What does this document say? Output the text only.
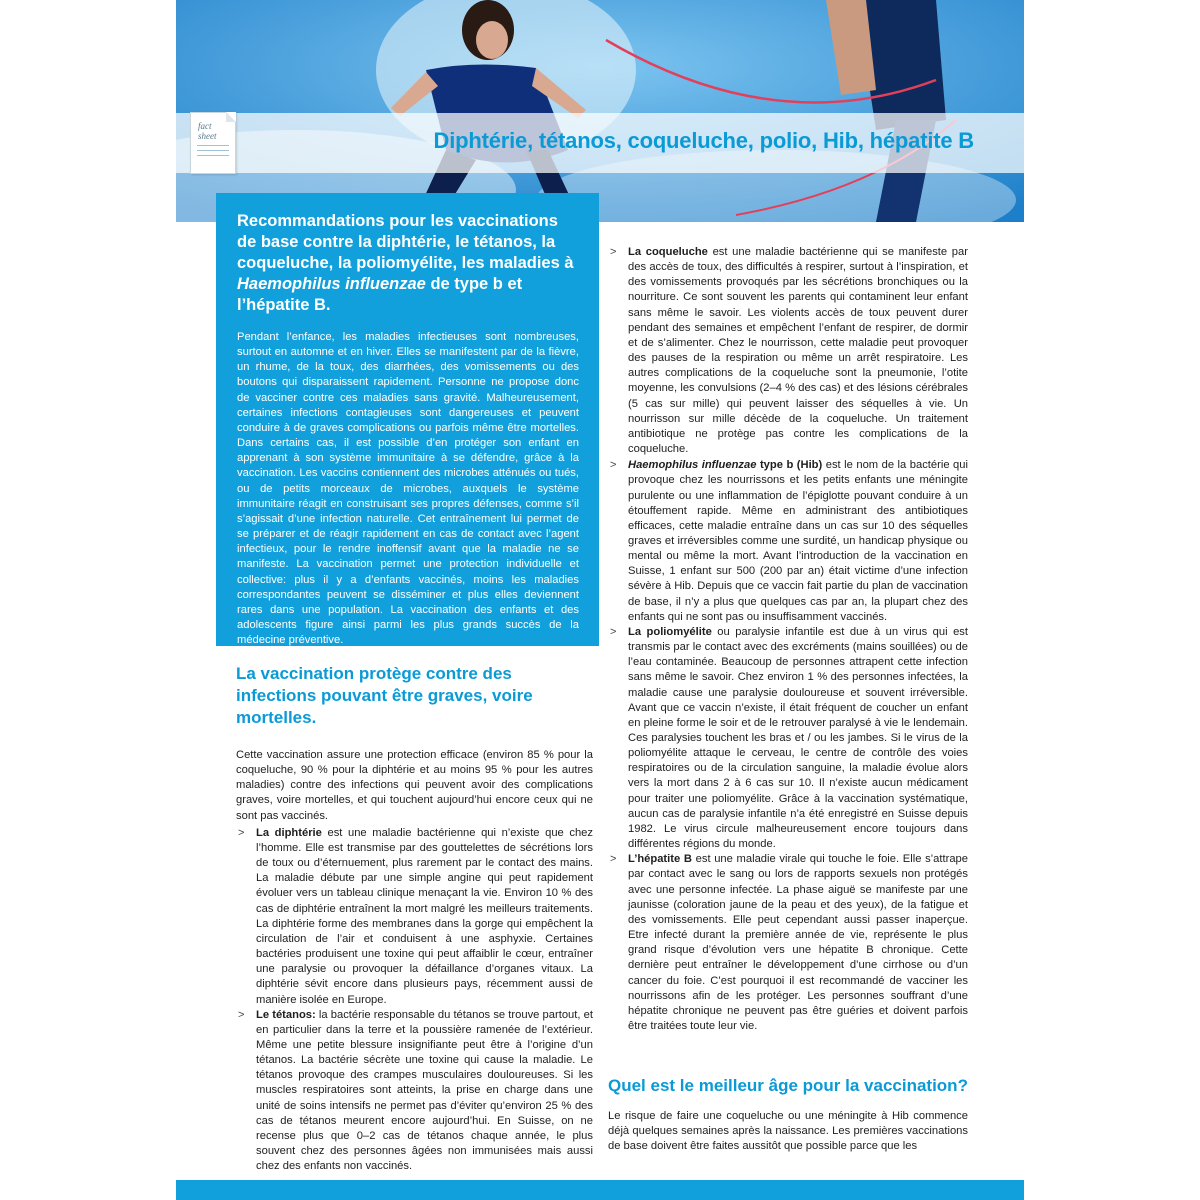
fact
sheet	Diphtérie, tétanos, coqueluche, polio, Hib, hépatite B
Recommandations pour les vaccinations de base contre la diphtérie, le tétanos, la coqueluche, la poliomyélite, les maladies à Haemophilus influenzae de type b et l’hépatite B.

Pendant l’enfance, les maladies infectieuses sont nombreuses, surtout en automne et en hiver. Elles se manifestent par de la fièvre, un rhume, de la toux, des diarrhées, des vomissements ou des boutons qui disparaissent rapidement. Personne ne propose donc de vacciner contre ces maladies sans gravité. Malheureusement, certaines infections contagieuses sont dangereuses et peuvent conduire à de graves complications ou parfois même être mortelles. Dans certains cas, il est possible d’en protéger son enfant en apprenant à son système immunitaire à se défendre, grâce à la vaccination. Les vaccins contiennent des microbes atténués ou tués, ou de petits morceaux de microbes, auxquels le système immunitaire réagit en construisant ses propres défenses, comme s’il s’agissait d’une infection naturelle. Cet entraînement lui permet de se préparer et de réagir rapidement en cas de contact avec l’agent infectieux, pour le rendre inoffensif avant que la maladie ne se manifeste. La vaccination permet une protection individuelle et collective: plus il y a d’enfants vaccinés, moins les maladies correspondantes peuvent se disséminer et plus elles deviennent rares dans une population. La vaccination des enfants et des adolescents figure ainsi parmi les plus grands succès de la médecine préventive.

La vaccination protège contre des infections pouvant être graves, voire mortelles.

Cette vaccination assure une protection efficace (environ 85 % pour la coqueluche, 90 % pour la diphtérie et au moins 95 % pour les autres maladies) contre des infections qui peuvent avoir des complications graves, voire mortelles, et qui touchent aujourd’hui encore ceux qui ne sont pas vaccinés.

> La diphtérie est une maladie bactérienne qui n’existe que chez l’homme. Elle est transmise par des gouttelettes de sécrétions lors de toux ou d’éternuement, plus rarement par le contact des mains. La maladie débute par une simple angine qui peut rapidement évoluer vers un tableau clinique menaçant la vie. Environ 10 % des cas de diphtérie entraînent la mort malgré les meilleurs traitements. La diphtérie forme des membranes dans la gorge qui empêchent la circulation de l’air et conduisent à une asphyxie. Certaines bactéries produisent une toxine qui peut affaiblir le cœur, entraîner une paralysie ou provoquer la défaillance d’organes vitaux. La diphtérie sévit encore dans plusieurs pays, récemment aussi de manière isolée en Europe.
> Le tétanos: la bactérie responsable du tétanos se trouve partout, et en particulier dans la terre et la poussière ramenée de l’extérieur. Même une petite blessure insignifiante peut être à l’origine d’un tétanos. La bactérie sécrète une toxine qui cause la maladie. Le tétanos provoque des crampes musculaires douloureuses. Si les muscles respiratoires sont atteints, la prise en charge dans une unité de soins intensifs ne permet pas d’éviter qu’environ 25 % des cas de tétanos meurent encore aujourd’hui. En Suisse, on ne recense plus que 0–2 cas de tétanos chaque année, le plus souvent chez des personnes âgées non immunisées mais aussi chez des enfants non vaccinés.
> La coqueluche est une maladie bactérienne qui se manifeste par des accès de toux, des difficultés à respirer, surtout à l’inspiration, et des vomissements provoqués par les sécrétions bronchiques ou la nourriture. Ce sont souvent les parents qui contaminent leur enfant sans même le savoir. Les violents accès de toux peuvent durer pendant des semaines et empêchent l’enfant de respirer, de dormir et de s’alimenter. Chez le nourrisson, cette maladie peut provoquer des pauses de la respiration ou même un arrêt respiratoire. Les autres complications de la coqueluche sont la pneumonie, l’otite moyenne, les convulsions (2–4 % des cas) et des lésions cérébrales (5 cas sur mille) qui peuvent laisser des séquelles à vie. Un nourrisson sur mille décède de la coqueluche. Un traitement antibiotique ne protège pas contre les complications de la coqueluche.
> Haemophilus influenzae type b (Hib) est le nom de la bactérie qui provoque chez les nourrissons et les petits enfants une méningite purulente ou une inflammation de l’épiglotte pouvant conduire à un étouffement rapide. Même en administrant des antibiotiques efficaces, cette maladie entraîne dans un cas sur 10 des séquelles graves et irréversibles comme une surdité, un handicap physique ou mental ou même la mort. Avant l’introduction de la vaccination en Suisse, 1 enfant sur 500 (200 par an) était victime d’une infection sévère à Hib. Depuis que ce vaccin fait partie du plan de vaccination de base, il n’y a plus que quelques cas par an, la plupart chez des enfants qui ne sont pas ou insuffisamment vaccinés.
> La poliomyélite ou paralysie infantile est due à un virus qui est transmis par le contact avec des excréments (mains souillées) ou de l’eau contaminée. Beaucoup de personnes attrapent cette infection sans même le savoir. Chez environ 1 % des personnes infectées, la maladie cause une paralysie douloureuse et souvent irréversible. Avant que ce vaccin n’existe, il était fréquent de coucher un enfant en pleine forme le soir et de le retrouver paralysé à vie le lendemain. Ces paralysies touchent les bras et / ou les jambes. Si le virus de la poliomyélite attaque le cerveau, le centre de contrôle des voies respiratoires ou de la circulation sanguine, la maladie évolue alors vers la mort dans 2 à 6 cas sur 10. Il n’existe aucun médicament pour traiter une poliomyélite. Grâce à la vaccination systématique, aucun cas de paralysie infantile n’a été enregistré en Suisse depuis 1982. Le virus circule malheureusement encore toujours dans différentes régions du monde.
> L’hépatite B est une maladie virale qui touche le foie. Elle s’attrape par contact avec le sang ou lors de rapports sexuels non protégés avec une personne infectée. La phase aiguë se manifeste par une jaunisse (coloration jaune de la peau et des yeux), de la fatigue et des vomissements. Elle peut cependant aussi passer inaperçue. Etre infecté durant la première année de vie, représente le plus grand risque d’évolution vers une hépatite B chronique. Cette dernière peut entraîner le développement d’une cirrhose ou d’un cancer du foie. C’est pourquoi il est recommandé de vacciner les nourrissons afin de les protéger. Les personnes souffrant d’une hépatite chronique ne peuvent pas être guéries et doivent parfois être traitées toute leur vie.
Quel est le meilleur âge pour la vaccination?

Le risque de faire une coqueluche ou une méningite à Hib commence déjà quelques semaines après la naissance. Les premières vaccinations de base doivent être faites aussitôt que possible parce que les
